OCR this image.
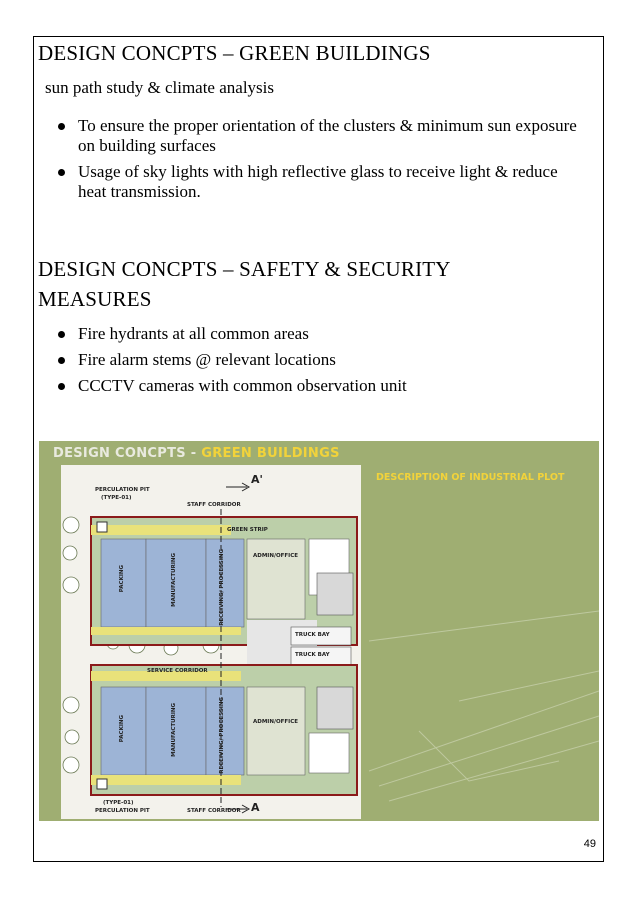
DESIGN CONCPTS – GREEN BUILDINGS
sun path study & climate analysis
To ensure the proper orientation of the clusters & minimum sun exposure on building surfaces
Usage of sky lights with high reflective glass to receive light & reduce heat transmission.
DESIGN CONCPTS – SAFETY & SECURITY
MEASURES
Fire hydrants at all common areas
Fire alarm stems @ relevant locations
CCCTV cameras with common observation unit
DESIGN CONCPTS - GREEN BUILDINGS
DESCRIPTION OF INDUSTRIAL PLOT
A'
A
PERCULATION PIT
(TYPE-01)
STAFF CORRIDOR
GREEN STRIP
PACKING	MANUFACTURING	RECEIVING/ PROCESSING	ADMIN/OFFICE
TRUCK BAY
TRUCK BAY
SERVICE CORRIDOR
PACKING	MANUFACTURING	RECEIVING/ PROCESSING	ADMIN/OFFICE
(TYPE-01)
PERCULATION PIT	STAFF CORRIDOR
49
